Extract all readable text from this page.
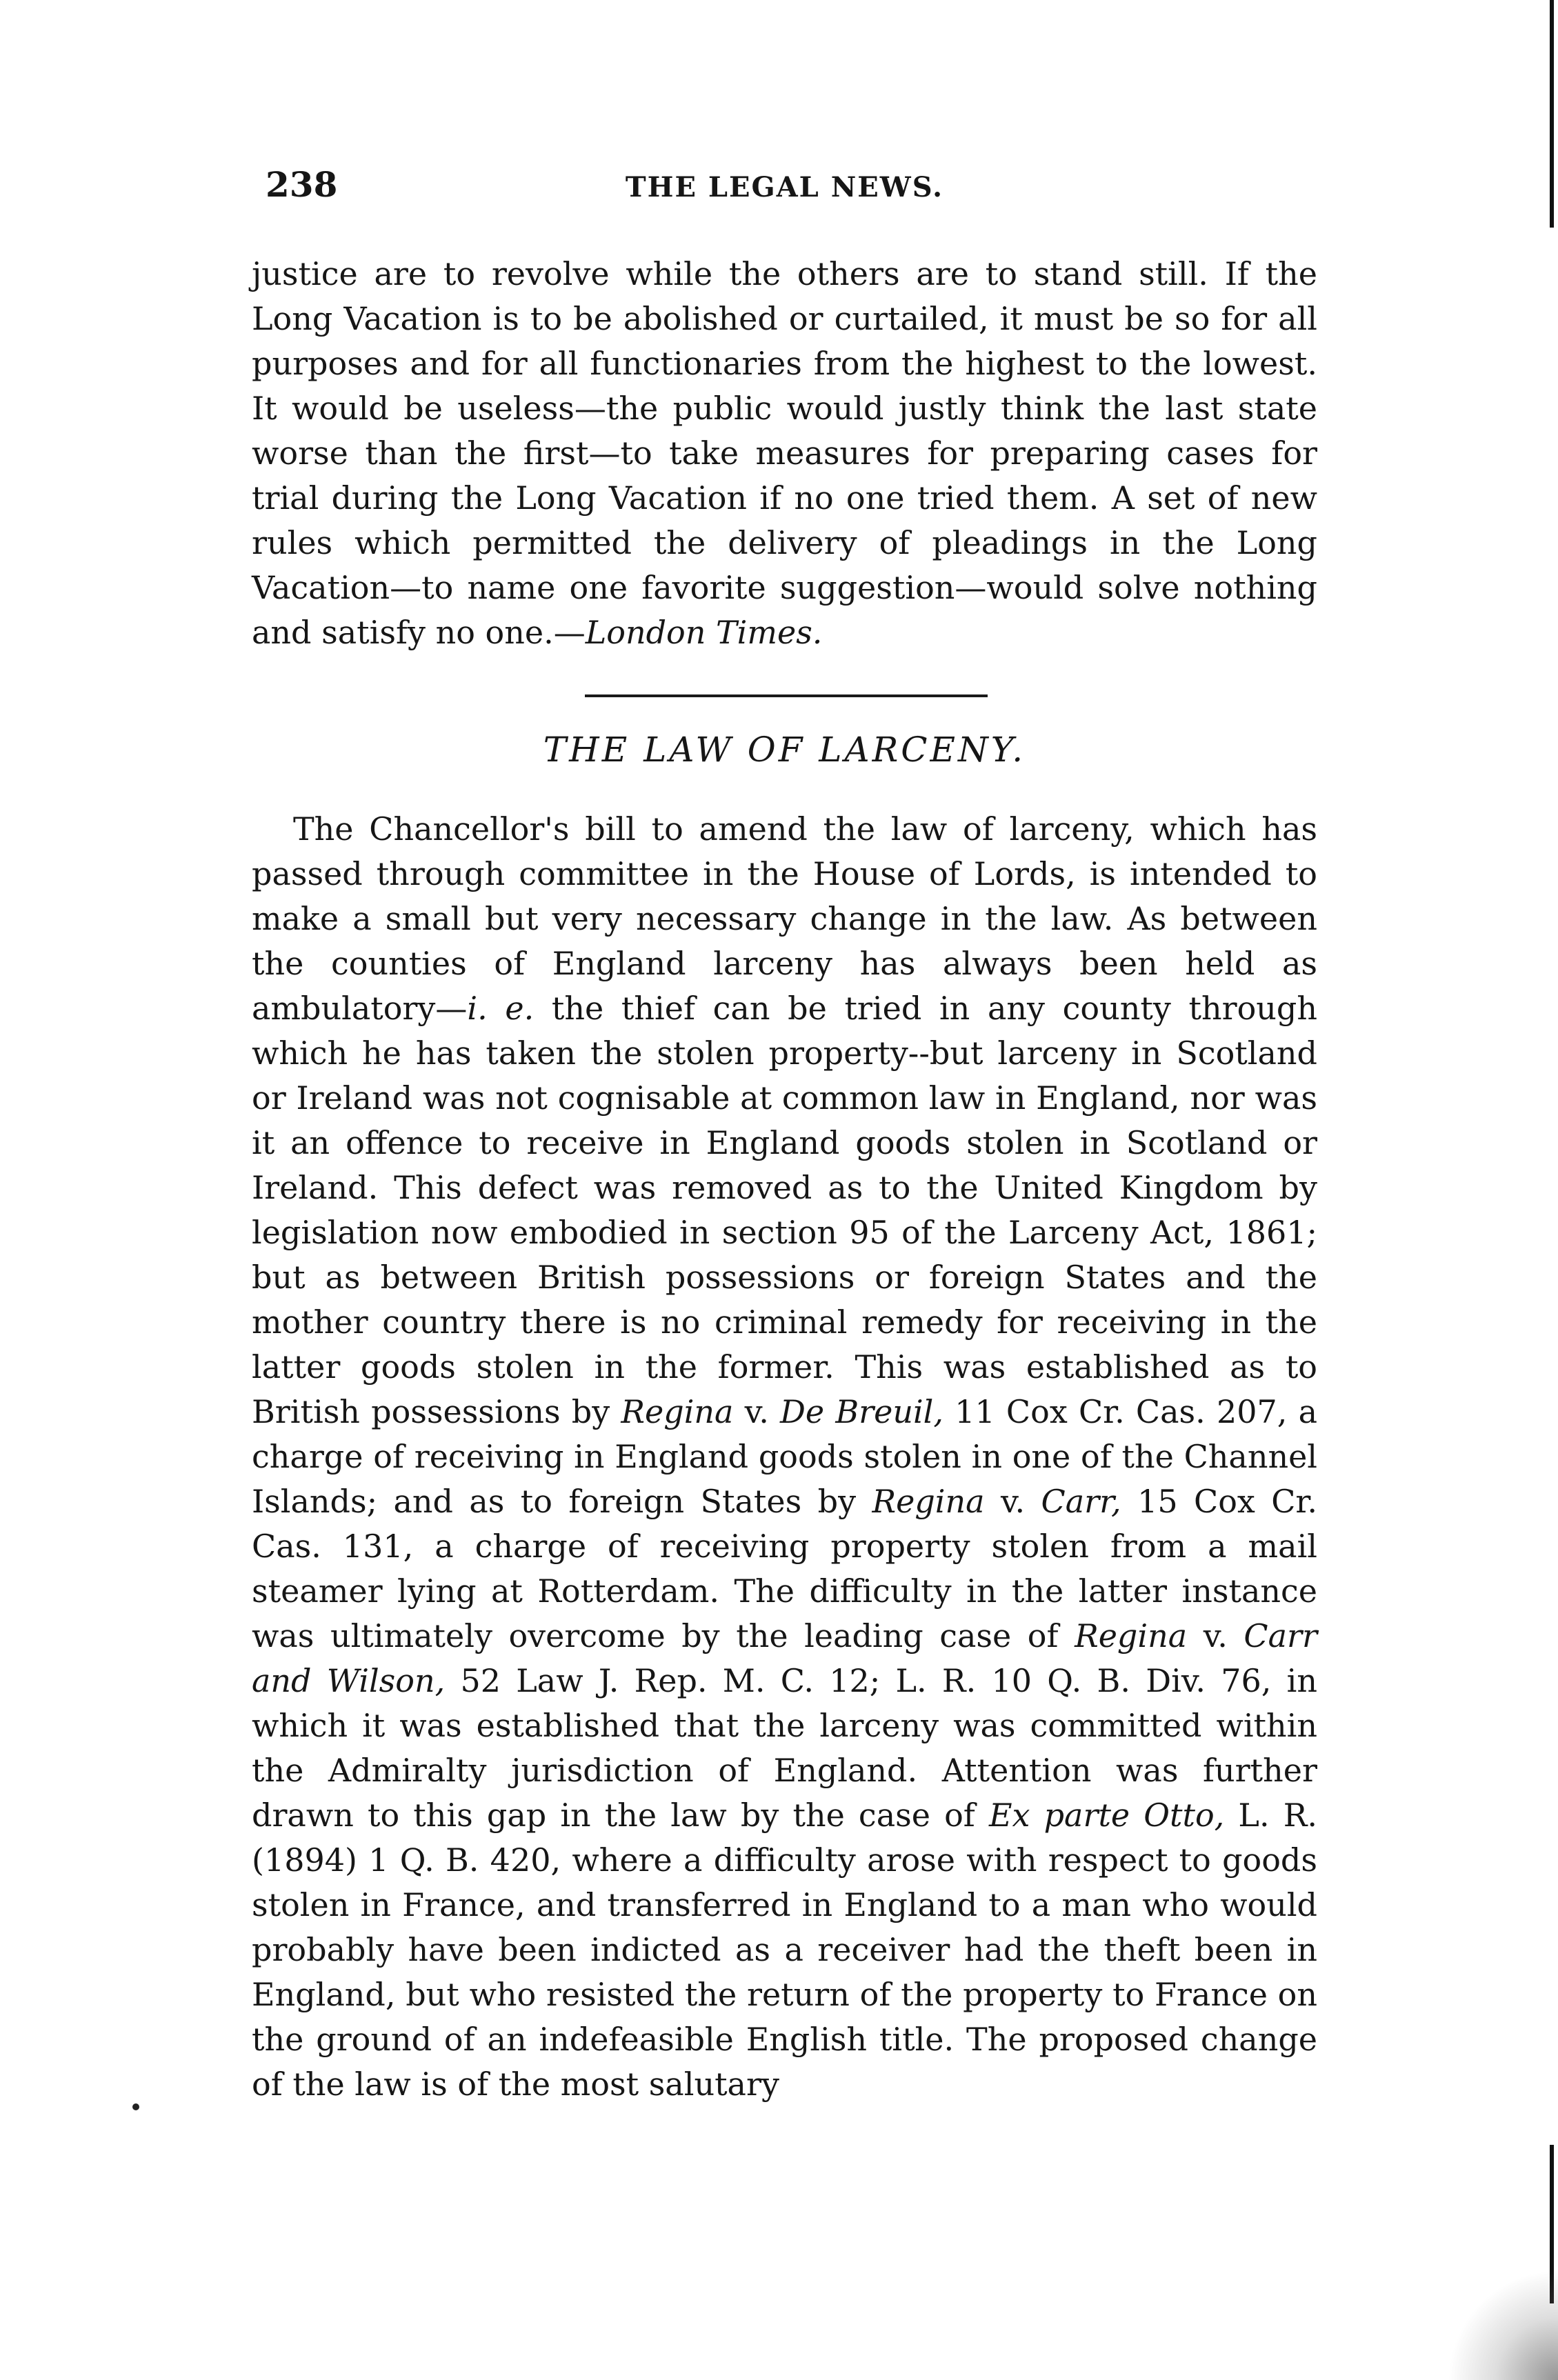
238	THE LEGAL NEWS.

justice are to revolve while the others are to stand still. If the Long Vacation is to be abolished or curtailed, it must be so for all purposes and for all functionaries from the highest to the lowest. It would be useless—the public would justly think the last state worse than the first—to take measures for preparing cases for trial during the Long Vacation if no one tried them. A set of new rules which permitted the delivery of pleadings in the Long Vacation—to name one favorite suggestion—would solve nothing and satisfy no one.—London Times.

THE LAW OF LARCENY.

The Chancellor's bill to amend the law of larceny, which has passed through committee in the House of Lords, is intended to make a small but very necessary change in the law. As between the counties of England larceny has always been held as ambulatory—i. e. the thief can be tried in any county through which he has taken the stolen property--but larceny in Scotland or Ireland was not cognisable at common law in England, nor was it an offence to receive in England goods stolen in Scotland or Ireland. This defect was removed as to the United Kingdom by legislation now embodied in section 95 of the Larceny Act, 1861; but as between British possessions or foreign States and the mother country there is no criminal remedy for receiving in the latter goods stolen in the former. This was established as to British possessions by Regina v. De Breuil, 11 Cox Cr. Cas. 207, a charge of receiving in England goods stolen in one of the Channel Islands; and as to foreign States by Regina v. Carr, 15 Cox Cr. Cas. 131, a charge of receiving property stolen from a mail steamer lying at Rotterdam. The difficulty in the latter instance was ultimately overcome by the leading case of Regina v. Carr and Wilson, 52 Law J. Rep. M. C. 12; L. R. 10 Q. B. Div. 76, in which it was established that the larceny was committed within the Admiralty jurisdiction of England. Attention was further drawn to this gap in the law by the case of Ex parte Otto, L. R. (1894) 1 Q. B. 420, where a difficulty arose with respect to goods stolen in France, and transferred in England to a man who would probably have been indicted as a receiver had the theft been in England, but who resisted the return of the property to France on the ground of an indefeasible English title. The proposed change of the law is of the most salutary
